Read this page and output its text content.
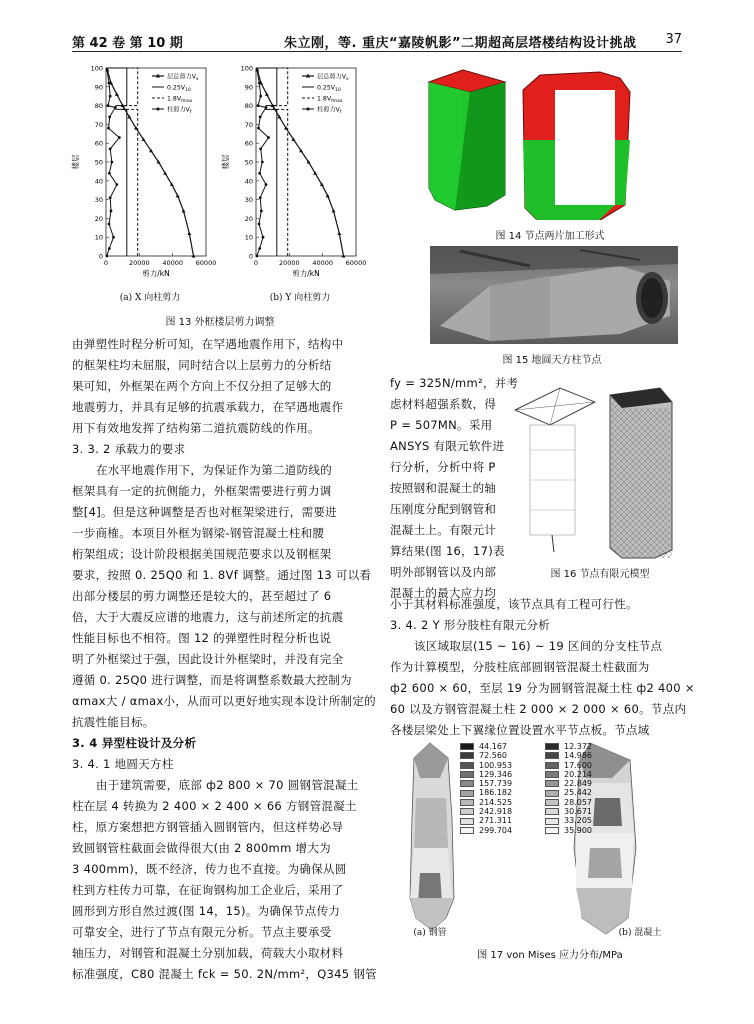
第 42 卷 第 10 期	朱立刚，等. 重庆“嘉陵帆影”二期超高层塔楼结构设计挑战 37
0
10
20
30
40
50
60
70
80
90
100
0	20000 40000 60000
剪力/kN
楼层
层总剪力$V_x$
$0.25V_{10}$
$1.8V_{fmax}$
柱剪力$V_f$
0
10
20
30
40
50
60
70
80
90
100
0	20000 40000 60000
剪力/kN
楼层
层总剪力$V_x$
$0.25V_{10}$
$1.8V_{fmax}$
柱剪力$V_f$
(a) X 向柱剪力	(b) Y 向柱剪力
图 13 外框楼层剪力调整
由弹塑性时程分析可知，在罕遇地震作用下，结构中
的框架柱均未屈服，同时结合以上层剪力的分析结
果可知，外框架在两个方向上不仅分担了足够大的
地震剪力，并具有足够的抗震承载力，在罕遇地震作
用下有效地发挥了结构第二道抗震防线的作用。
3. 3. 2 承载力的要求
在水平地震作用下，为保证作为第二道防线的
框架具有一定的抗侧能力，外框架需要进行剪力调
整[4]。但是这种调整是否也对框架梁进行，需要进
一步商榷。本项目外框为钢梁-钢管混凝土柱和腰
桁架组成；设计阶段根据美国规范要求以及钢框架
要求，按照 0. 25Q0 和 1. 8Vf 调整。通过图 13 可以看
出部分楼层的剪力调整还是较大的，甚至超过了 6
倍，大于大震反应谱的地震力，这与前述所定的抗震
性能目标也不相符。图 12 的弹塑性时程分析也说
明了外框梁过于强，因此设计外框梁时，并没有完全
遵循 0. 25Q0 进行调整，而是将调整系数最大控制为
αmax大 / αmax小，从而可以更好地实现本设计所制定的
抗震性能目标。
3. 4 异型柱设计及分析
3. 4. 1 地圆天方柱
由于建筑需要，底部 ф2 800 × 70 圆钢管混凝土
柱在层 4 转换为 2 400 × 2 400 × 66 方钢管混凝土
柱，原方案想把方钢管插入圆钢管内，但这样势必导
致圆钢管柱截面会做得很大(由 2 800mm 增大为
3 400mm)，既不经济，传力也不直接。为确保从圆
柱到方柱传力可靠，在征询钢构加工企业后，采用了
圆形到方形自然过渡(图 14，15)。为确保节点传力
可靠安全，进行了节点有限元分析。节点主要承受
轴压力，对钢管和混凝土分别加载，荷载大小取材料
标准强度，C80 混凝土 fck = 50. 2N/mm²，Q345 钢管
图 14 节点两片加工形式
图 15 地圆天方柱节点
fy = 325N/mm²，并考
虑材料超强系数，得
P = 507MN。采用
ANSYS 有限元软件进
行分析，分析中将 P
按照钢和混凝土的轴
压刚度分配到钢管和
混凝土上。有限元计
算结果(图 16，17)表
明外部钢管以及内部
混凝土的最大应力均
图 16 节点有限元模型
小于其材料标准强度，该节点具有工程可行性。
3. 4. 2 Y 形分肢柱有限元分析
该区域取层(15 ~ 16) ~ 19 区间的分支柱节点
作为计算模型，分肢柱底部圆钢管混凝土柱截面为
ф2 600 × 60，至层 19 分为圆钢管混凝土柱 ф2 400 ×
60 以及方钢管混凝土柱 2 000 × 2 000 × 60。节点内
各楼层梁处上下翼缘位置设置水平节点板。节点域
44.167
72.560
100.953
129.346
157.739
186.182
214.525
242.918
271.311
299.704
12.372
14.986
17.600
20.214
22.849
25.442
28.057
30.671
33.205
35.900
(a) 钢管	(b) 混凝土
图 17 von Mises 应力分布/MPa
